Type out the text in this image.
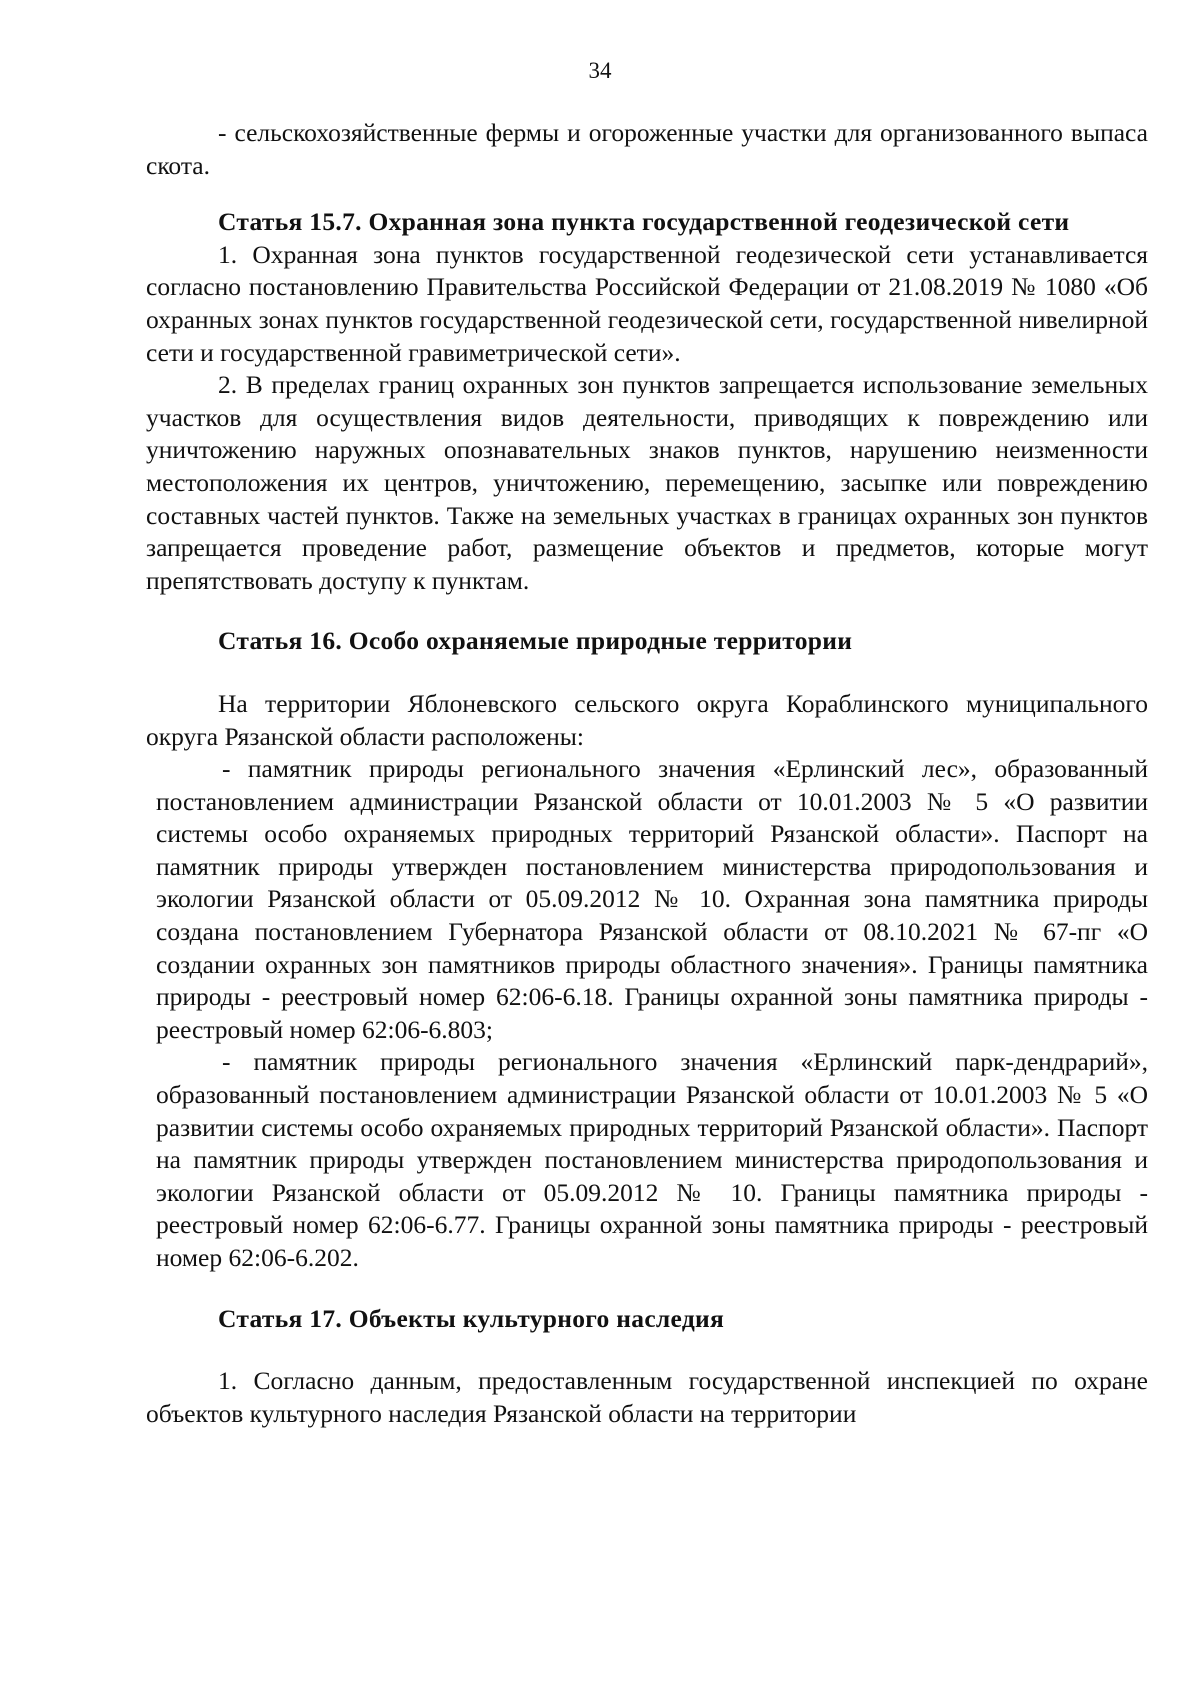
34

- сельскохозяйственные фермы и огороженные участки для организованного выпаса скота.

Статья 15.7. Охранная зона пункта государственной геодезической сети

1. Охранная зона пунктов государственной геодезической сети устанавливается согласно постановлению Правительства Российской Федерации от 21.08.2019 № 1080 «Об охранных зонах пунктов государственной геодезической сети, государственной нивелирной сети и государственной гравиметрической сети».

2. В пределах границ охранных зон пунктов запрещается использование земельных участков для осуществления видов деятельности, приводящих к повреждению или уничтожению наружных опознавательных знаков пунктов, нарушению неизменности местоположения их центров, уничтожению, перемещению, засыпке или повреждению составных частей пунктов. Также на земельных участках в границах охранных зон пунктов запрещается проведение работ, размещение объектов и предметов, которые могут препятствовать доступу к пунктам.

Статья 16. Особо охраняемые природные территории

На территории Яблоневского сельского округа Кораблинского муниципального округа Рязанской области расположены:

- памятник природы регионального значения «Ерлинский лес», образованный постановлением администрации Рязанской области от 10.01.2003 № 5 «О развитии системы особо охраняемых природных территорий Рязанской области». Паспорт на памятник природы утвержден постановлением министерства природопользования и экологии Рязанской области от 05.09.2012 № 10. Охранная зона памятника природы создана постановлением Губернатора Рязанской области от 08.10.2021 № 67-пг «О создании охранных зон памятников природы областного значения». Границы памятника природы - реестровый номер 62:06-6.18. Границы охранной зоны памятника природы - реестровый номер 62:06-6.803;

- памятник природы регионального значения «Ерлинский парк-дендрарий», образованный постановлением администрации Рязанской области от 10.01.2003 № 5 «О развитии системы особо охраняемых природных территорий Рязанской области». Паспорт на памятник природы утвержден постановлением министерства природопользования и экологии Рязанской области от 05.09.2012 № 10. Границы памятника природы - реестровый номер 62:06-6.77. Границы охранной зоны памятника природы - реестровый номер 62:06-6.202.

Статья 17. Объекты культурного наследия

1. Согласно данным, предоставленным государственной инспекцией по охране объектов культурного наследия Рязанской области на территории
